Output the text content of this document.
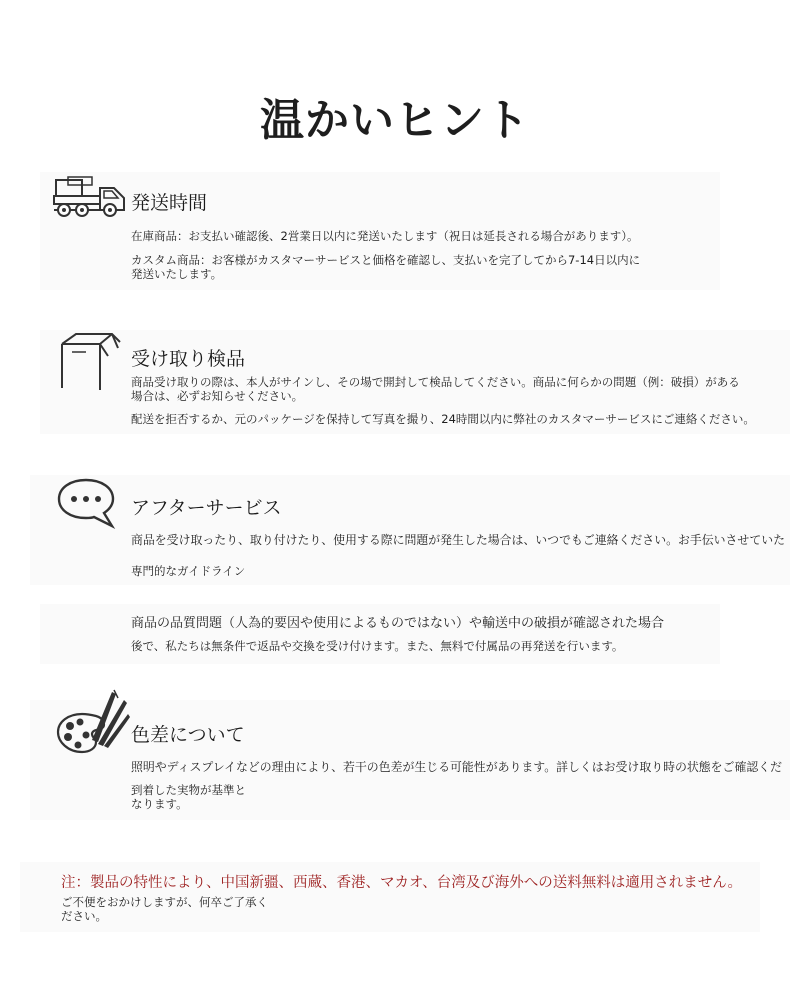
温かいヒント
発送時間
在庫商品：お支払い確認後、2営業日以内に発送いたします（祝日は延長される場合があります）。
カスタム商品：お客様がカスタマーサービスと価格を確認し、支払いを完了してから7-14日以内に発送いたします。
受け取り検品
商品受け取りの際は、本人がサインし、その場で開封して検品してください。商品に何らかの問題（例：破損）がある場合は、必ずお知らせください。
配送を拒否するか、元のパッケージを保持して写真を撮り、24時間以内に弊社のカスタマーサービスにご連絡ください。
アフターサービス
商品を受け取ったり、取り付けたり、使用する際に問題が発生した場合は、いつでもご連絡ください。お手伝いさせていた
専門的なガイドライン
商品の品質問題（人為的要因や使用によるものではない）や輸送中の破損が確認された場合
後で、私たちは無条件で返品や交換を受け付けます。また、無料で付属品の再発送を行います。
色差について
照明やディスプレイなどの理由により、若干の色差が生じる可能性があります。詳しくはお受け取り時の状態をご確認くだ
到着した実物が基準となります。
注：製品の特性により、中国新疆、西蔵、香港、マカオ、台湾及び海外への送料無料は適用されません。
ご不便をおかけしますが、何卒ご了承ください。
